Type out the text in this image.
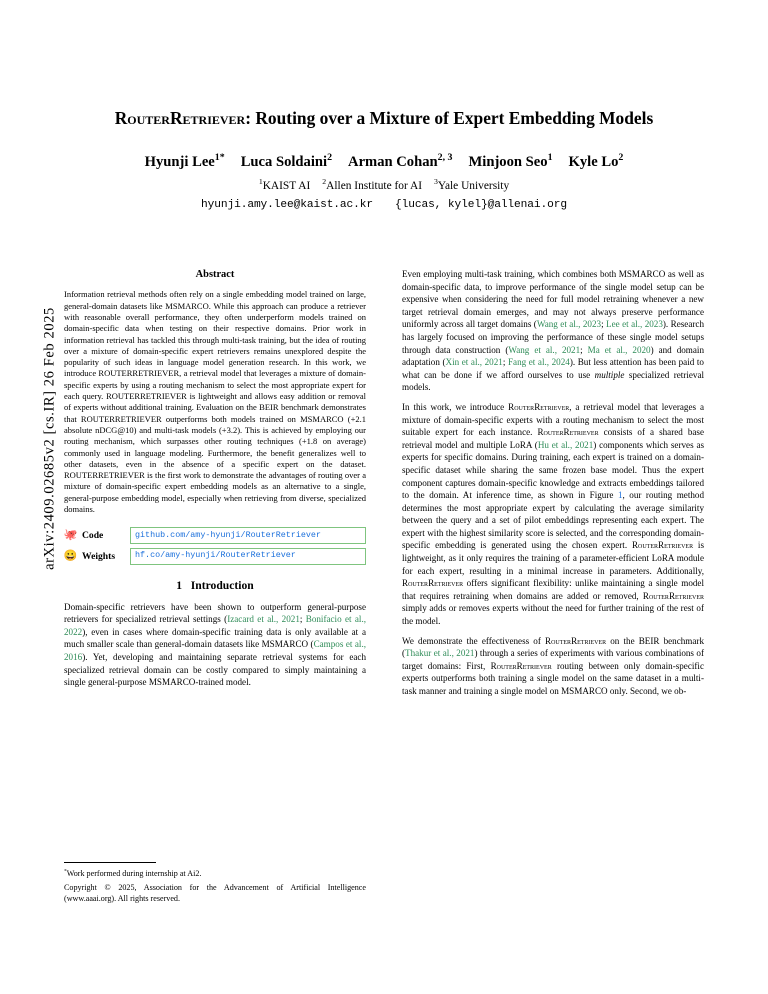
arXiv:2409.02685v2 [cs.IR] 26 Feb 2025
RouterRetriever: Routing over a Mixture of Expert Embedding Models
Hyunji Lee$^{1*}$ Luca Soldaini$^2$ Arman Cohan$^{2, 3}$ Minjoon Seo$^1$ Kyle Lo$^2$
$^1$KAIST AI $^2$Allen Institute for AI $^3$Yale University
hyunji.amy.lee@kaist.ac.kr {lucas, kylel}@allenai.org
Abstract

Information retrieval methods often rely on a single embedding model trained on large, general-domain datasets like MSMARCO. While this approach can produce a retriever with reasonable overall performance, they often underperform models trained on domain-specific data when testing on their respective domains. Prior work in information retrieval has tackled this through multi-task training, but the idea of routing over a mixture of domain-specific expert retrievers remains unexplored despite the popularity of such ideas in language model generation research. In this work, we introduce ROUTERRETRIEVER, a retrieval model that leverages a mixture of domain-specific experts by using a routing mechanism to select the most appropriate expert for each query. ROUTERRETRIEVER is lightweight and allows easy addition or removal of experts without additional training. Evaluation on the BEIR benchmark demonstrates that ROUTERRETRIEVER outperforms both models trained on MSMARCO (+2.1 absolute nDCG@10) and multi-task models (+3.2). This is achieved by employing our routing mechanism, which surpasses other routing techniques (+1.8 on average) commonly used in language modeling. Furthermore, the benefit generalizes well to other datasets, even in the absence of a specific expert on the dataset. ROUTERRETRIEVER is the first work to demonstrate the advantages of routing over a mixture of domain-specific expert embedding models as an alternative to a single, general-purpose embedding model, especially when retrieving from diverse, specialized domains.

🐙 Code	github.com/amy-hyunji/RouterRetriever
😀 Weights	hf.co/amy-hyunji/RouterRetriever
1 Introduction

Domain-specific retrievers have been shown to outperform general-purpose retrievers for specialized retrieval settings (Izacard et al., 2021; Bonifacio et al., 2022), even in cases where domain-specific training data is only available at a much smaller scale than general-domain datasets like MSMARCO (Campos et al., 2016). Yet, developing and maintaining separate retrieval systems for each specialized retrieval domain can be costly compared to simply maintaining a single general-purpose MSMARCO-trained model.

Even employing multi-task training, which combines both MSMARCO as well as domain-specific data, to improve performance of the single model setup can be expensive when considering the need for full model retraining whenever a new target retrieval domain emerges, and may not always preserve performance uniformly across all target domains (Wang et al., 2023; Lee et al., 2023). Research has largely focused on improving the performance of these single model setups through data construction (Wang et al., 2021; Ma et al., 2020) and domain adaptation (Xin et al., 2021; Fang et al., 2024). But less attention has been paid to what can be done if we afford ourselves to use multiple specialized retrieval models.

In this work, we introduce RouterRetriever, a retrieval model that leverages a mixture of domain-specific experts with a routing mechanism to select the most suitable expert for each instance. RouterRetriever consists of a shared base retrieval model and multiple LoRA (Hu et al., 2021) components which serves as experts for specific domains. During training, each expert is trained on a domain-specific dataset while sharing the same frozen base model. Thus the expert component captures domain-specific knowledge and extracts embeddings tailored to the domain. At inference time, as shown in Figure 1, our routing method determines the most appropriate expert by calculating the average similarity between the query and a set of pilot embeddings representing each expert. The expert with the highest similarity score is selected, and the corresponding domain-specific embedding is generated using the chosen expert. RouterRetriever is lightweight, as it only requires the training of a parameter-efficient LoRA module for each expert, resulting in a minimal increase in parameters. Additionally, RouterRetriever offers significant flexibility: unlike maintaining a single model that requires retraining when domains are added or removed, RouterRetriever simply adds or removes experts without the need for further training of the rest of the model.

We demonstrate the effectiveness of RouterRetriever on the BEIR benchmark (Thakur et al., 2021) through a series of experiments with various combinations of target domains: First, RouterRetriever routing between only domain-specific experts outperforms both training a single model on the same dataset in a multi-task manner and training a single model on MSMARCO only. Second, we ob-

*Work performed during internship at Ai2.

Copyright © 2025, Association for the Advancement of Artificial Intelligence (www.aaai.org). All rights reserved.
